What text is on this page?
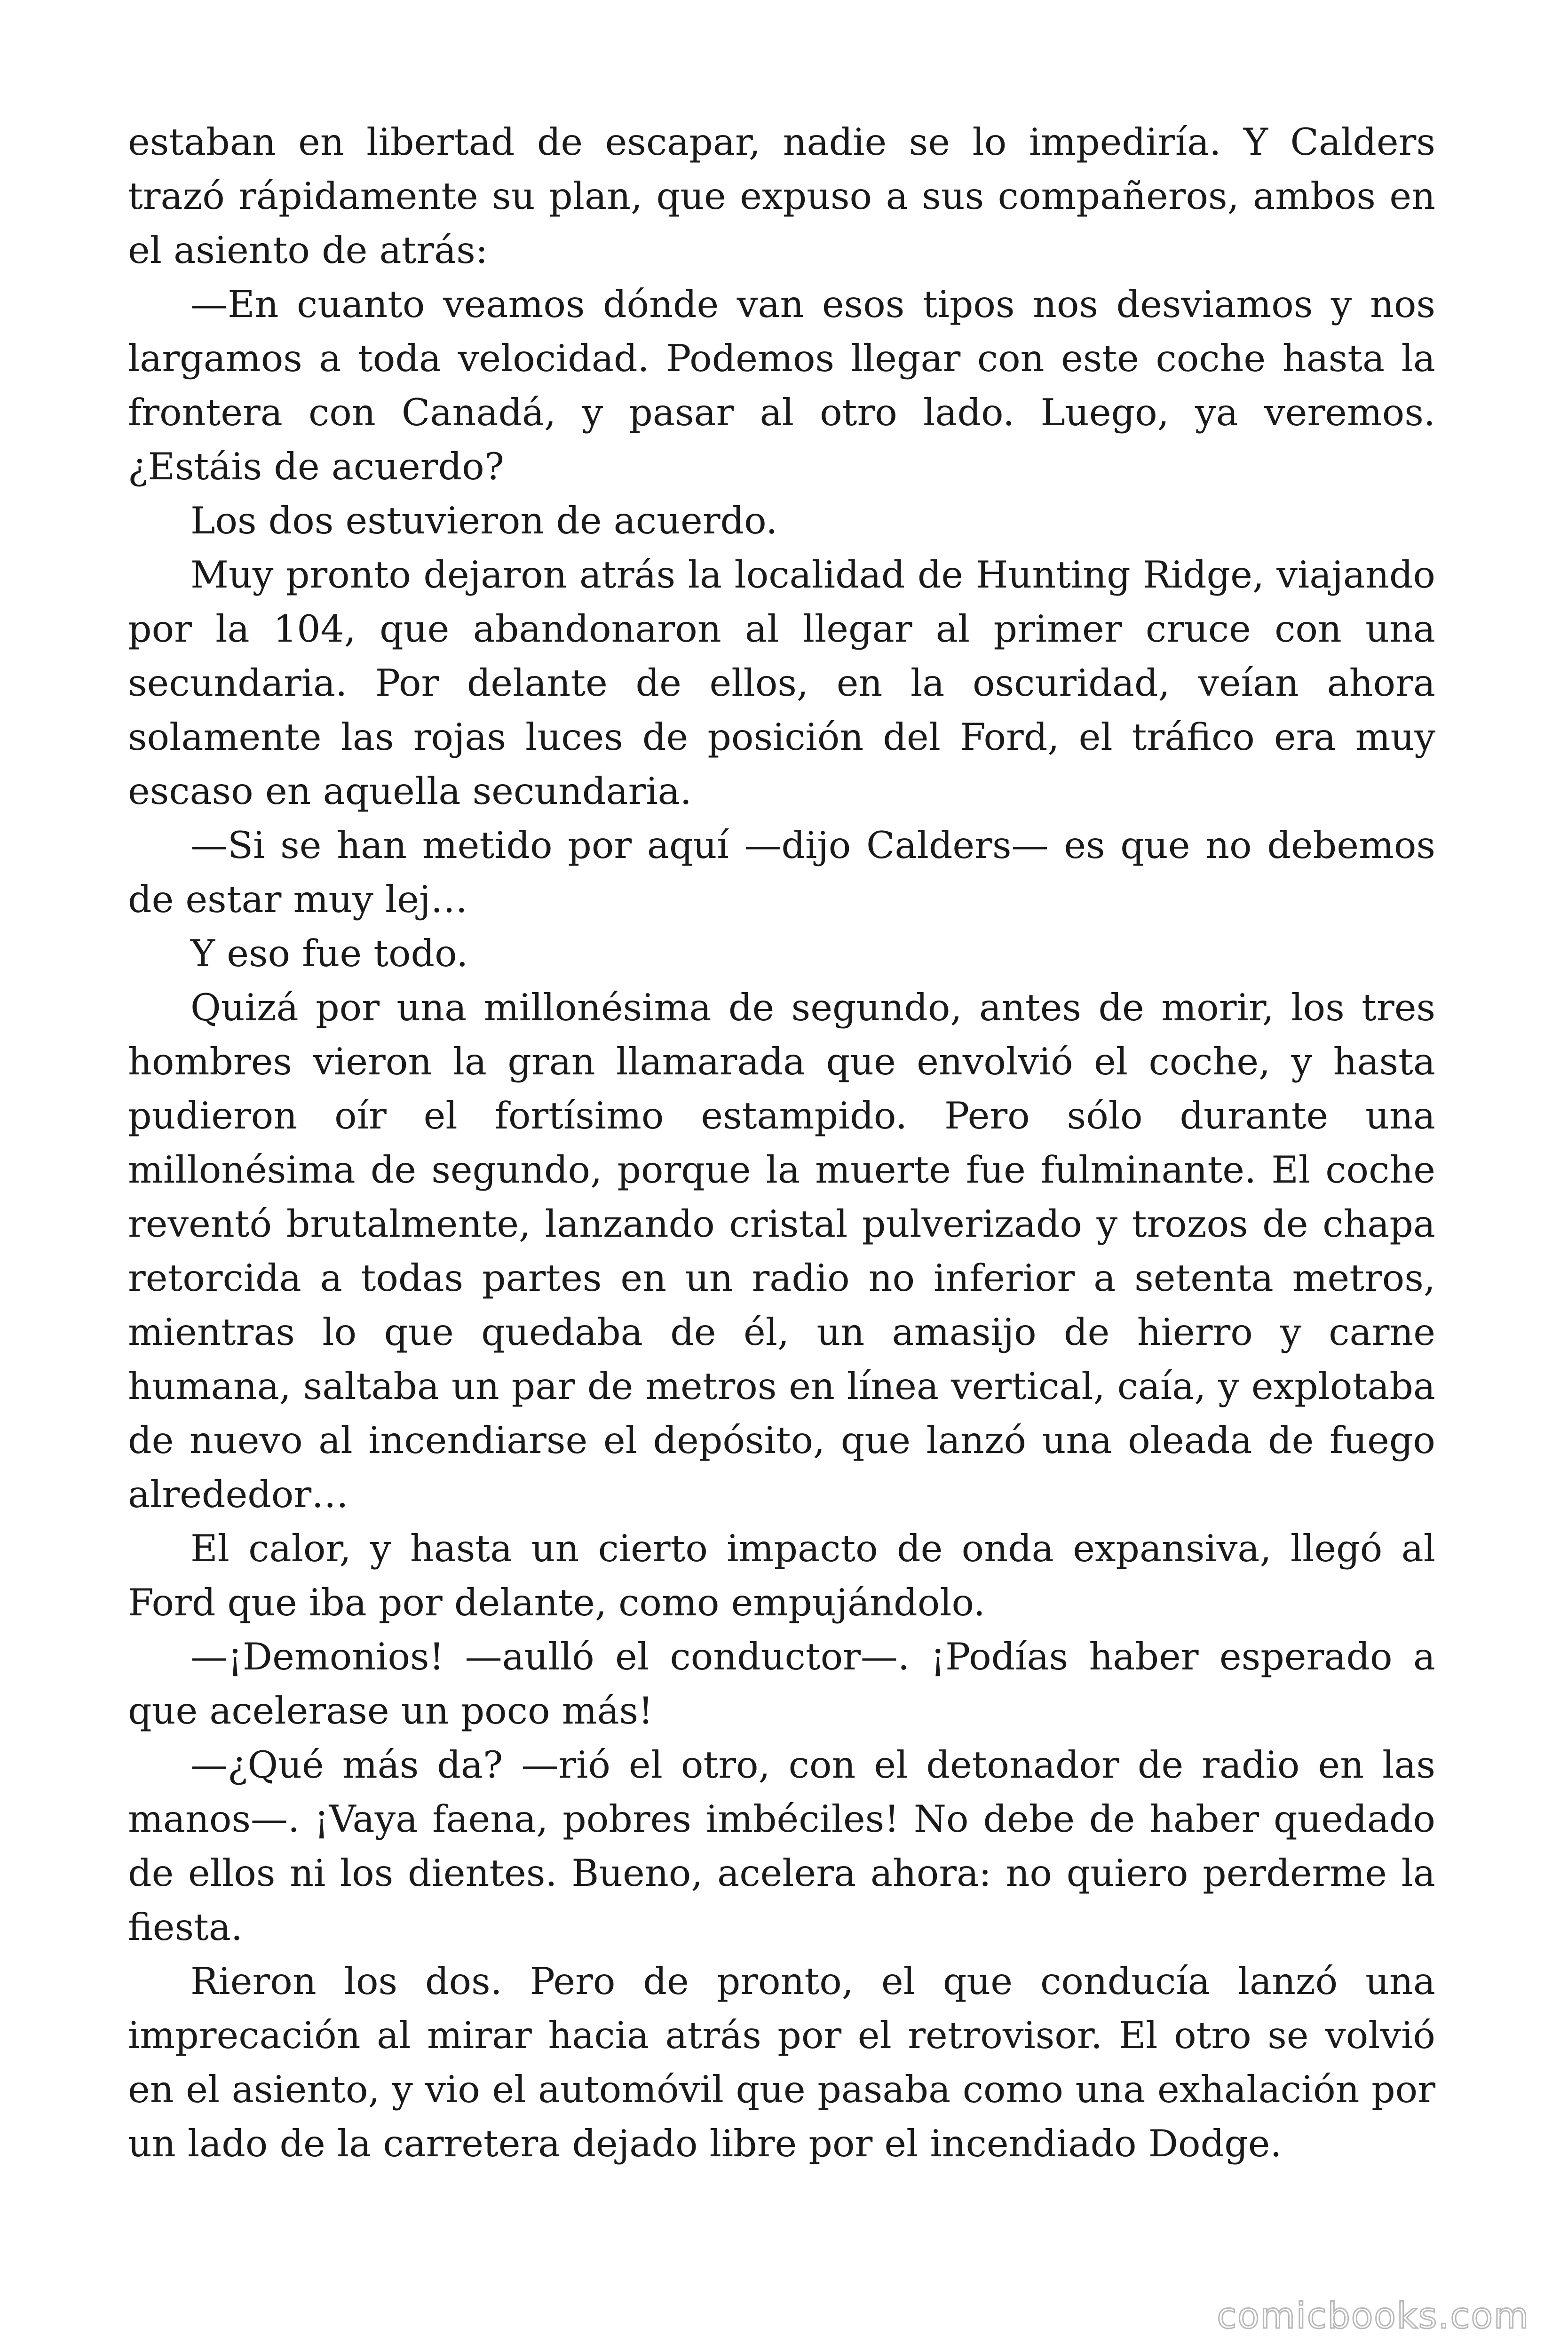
estaban en libertad de escapar, nadie se lo impediría. Y Calders trazó rápidamente su plan, que expuso a sus compañeros, ambos en el asiento de atrás:

—En cuanto veamos dónde van esos tipos nos desviamos y nos largamos a toda velocidad. Podemos llegar con este coche hasta la frontera con Canadá, y pasar al otro lado. Luego, ya veremos. ¿Estáis de acuerdo?

Los dos estuvieron de acuerdo.

Muy pronto dejaron atrás la localidad de Hunting Ridge, viajando por la 104, que abandonaron al llegar al primer cruce con una secundaria. Por delante de ellos, en la oscuridad, veían ahora solamente las rojas luces de posición del Ford, el tráfico era muy escaso en aquella secundaria.

—Si se han metido por aquí —dijo Calders— es que no debemos de estar muy lej…

Y eso fue todo.

Quizá por una millonésima de segundo, antes de morir, los tres hombres vieron la gran llamarada que envolvió el coche, y hasta pudieron oír el fortísimo estampido. Pero sólo durante una millonésima de segundo, porque la muerte fue fulminante. El coche reventó brutalmente, lanzando cristal pulverizado y trozos de chapa retorcida a todas partes en un radio no inferior a setenta metros, mientras lo que quedaba de él, un amasijo de hierro y carne humana, saltaba un par de metros en línea vertical, caía, y explotaba de nuevo al incendiarse el depósito, que lanzó una oleada de fuego alrededor…

El calor, y hasta un cierto impacto de onda expansiva, llegó al Ford que iba por delante, como empujándolo.

—¡Demonios! —aulló el conductor—. ¡Podías haber esperado a que acelerase un poco más!

—¿Qué más da? —rió el otro, con el detonador de radio en las manos—. ¡Vaya faena, pobres imbéciles! No debe de haber quedado de ellos ni los dientes. Bueno, acelera ahora: no quiero perderme la fiesta.

Rieron los dos. Pero de pronto, el que conducía lanzó una imprecación al mirar hacia atrás por el retrovisor. El otro se volvió en el asiento, y vio el automóvil que pasaba como una exhalación por un lado de la carretera dejado libre por el incendiado Dodge.

comicbooks.com
